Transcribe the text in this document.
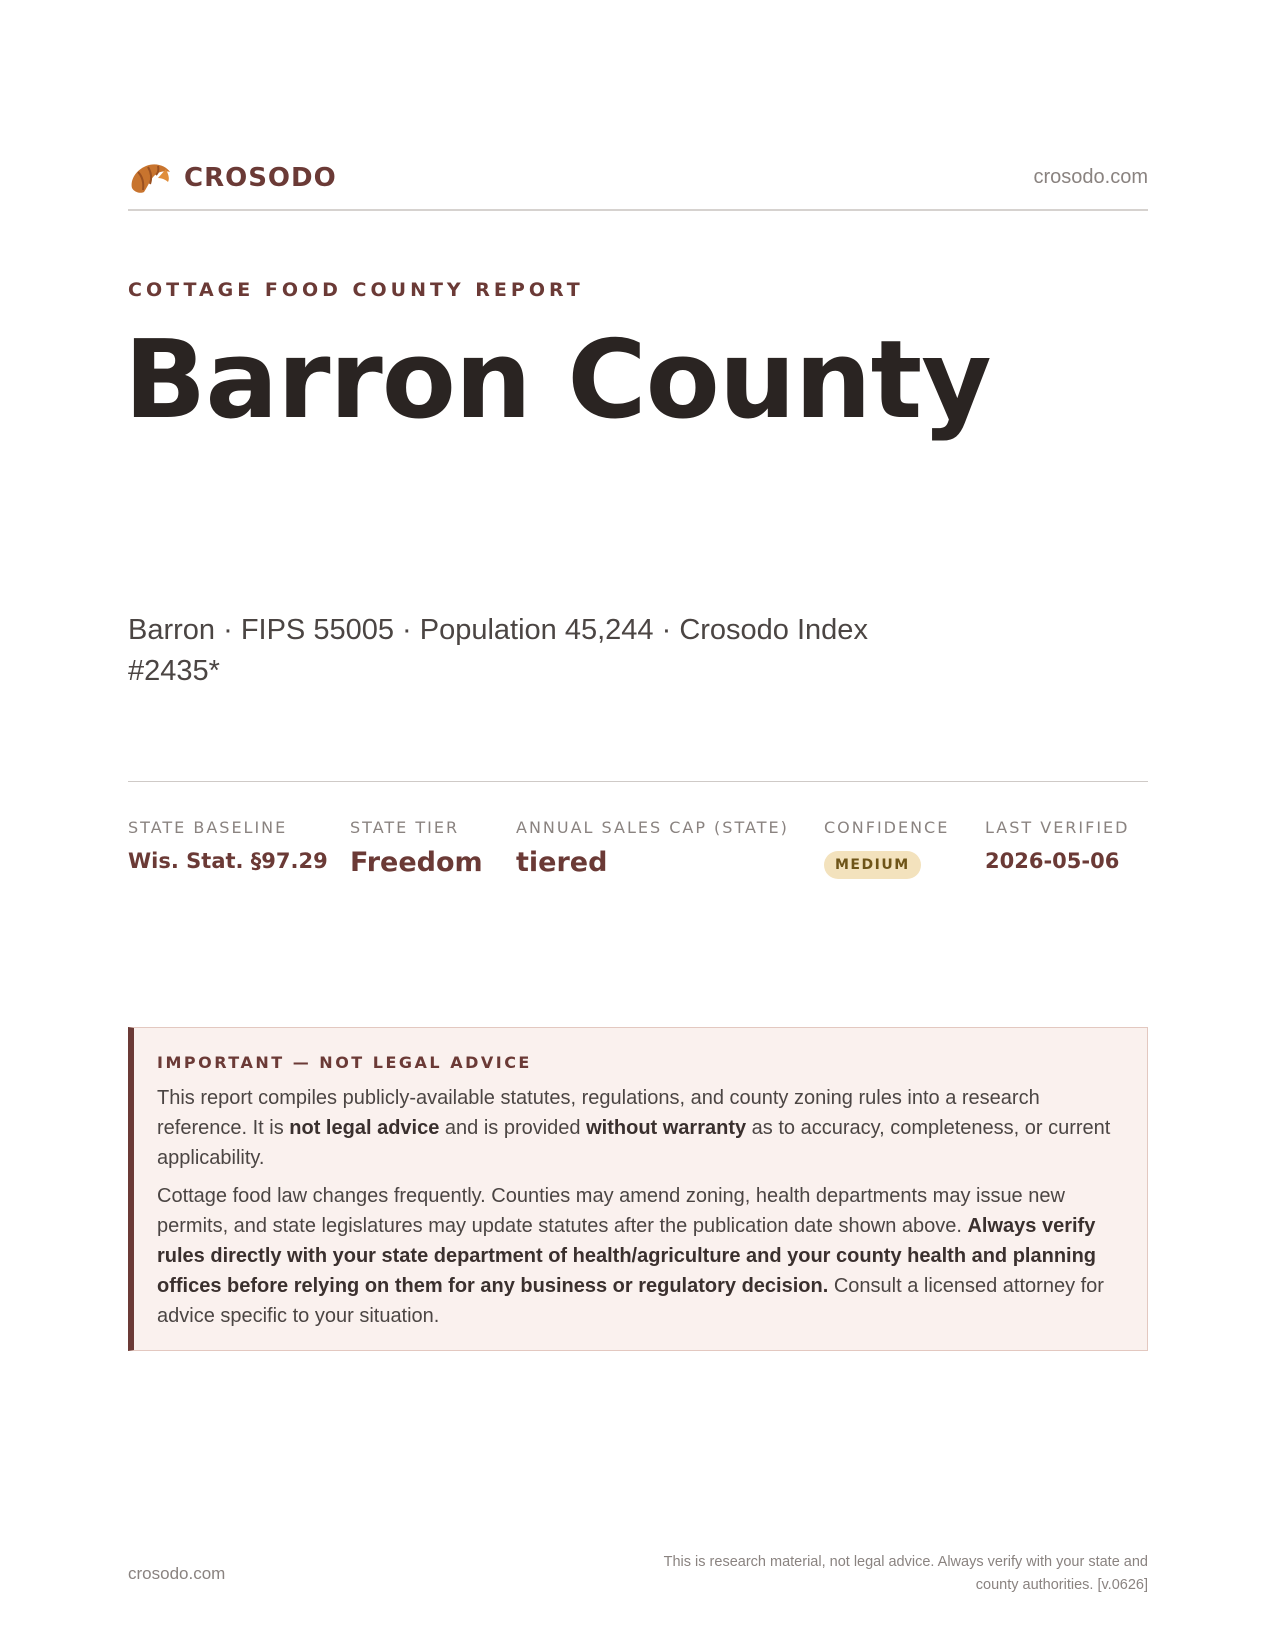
CROSODO	crosodo.com
COTTAGE FOOD COUNTY REPORT
Barron County
Barron · FIPS 55005 · Population 45,244 · Crosodo Index #2435*
STATE BASELINE
Wis. Stat. §97.29
STATE TIER
Freedom
ANNUAL SALES CAP (STATE)
tiered
CONFIDENCE
MEDIUM
LAST VERIFIED
2026-05-06
IMPORTANT — NOT LEGAL ADVICE

This report compiles publicly-available statutes, regulations, and county zoning rules into a research reference. It is not legal advice and is provided without warranty as to accuracy, completeness, or current applicability.

Cottage food law changes frequently. Counties may amend zoning, health departments may issue new permits, and state legislatures may update statutes after the publication date shown above. Always verify rules directly with your state department of health/agriculture and your county health and planning offices before relying on them for any business or regulatory decision. Consult a licensed attorney for advice specific to your situation.

crosodo.com
This is research material, not legal advice. Always verify with your state and county authorities. [v.0626]
